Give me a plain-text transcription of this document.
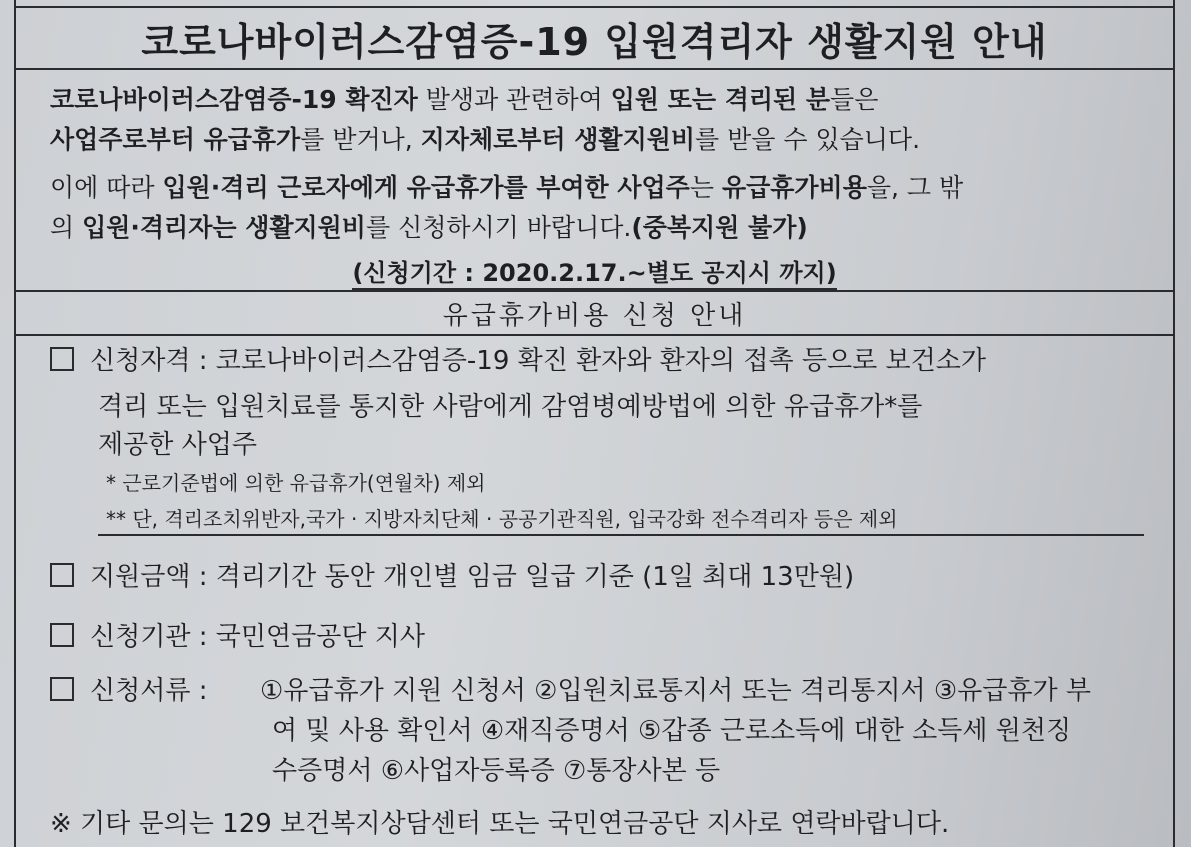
코로나바이러스감염증-19 입원격리자 생활지원 안내

코로나바이러스감염증-19 확진자 발생과 관련하여 입원 또는 격리된 분들은

사업주로부터 유급휴가를 받거나, 지자체로부터 생활지원비를 받을 수 있습니다.

이에 따라 입원·격리 근로자에게 유급휴가를 부여한 사업주는 유급휴가비용을, 그 밖

의 입원·격리자는 생활지원비를 신청하시기 바랍니다.(중복지원 불가)

(신청기간 : 2020.2.17.~별도 공지시 까지)
유급휴가비용 신청 안내
신청자격 : 코로나바이러스감염증-19 확진 환자와 환자의 접촉 등으로 보건소가
격리 또는 입원치료를 통지한 사람에게 감염병예방법에 의한 유급휴가*를
제공한 사업주
* 근로기준법에 의한 유급휴가(연월차) 제외
** 단, 격리조치위반자,국가 · 지방자치단체 · 공공기관직원, 입국강화 전수격리자 등은 제외
지원금액 : 격리기간 동안 개인별 임금 일급 기준 (1일 최대 13만원)
신청기관 : 국민연금공단 지사
신청서류 : ①유급휴가 지원 신청서 ②입원치료통지서 또는 격리통지서 ③유급휴가 부
여 및 사용 확인서 ④재직증명서 ⑤갑종 근로소득에 대한 소득세 원천징
수증명서 ⑥사업자등록증 ⑦통장사본 등
※ 기타 문의는 129 보건복지상담센터 또는 국민연금공단 지사로 연락바랍니다.
